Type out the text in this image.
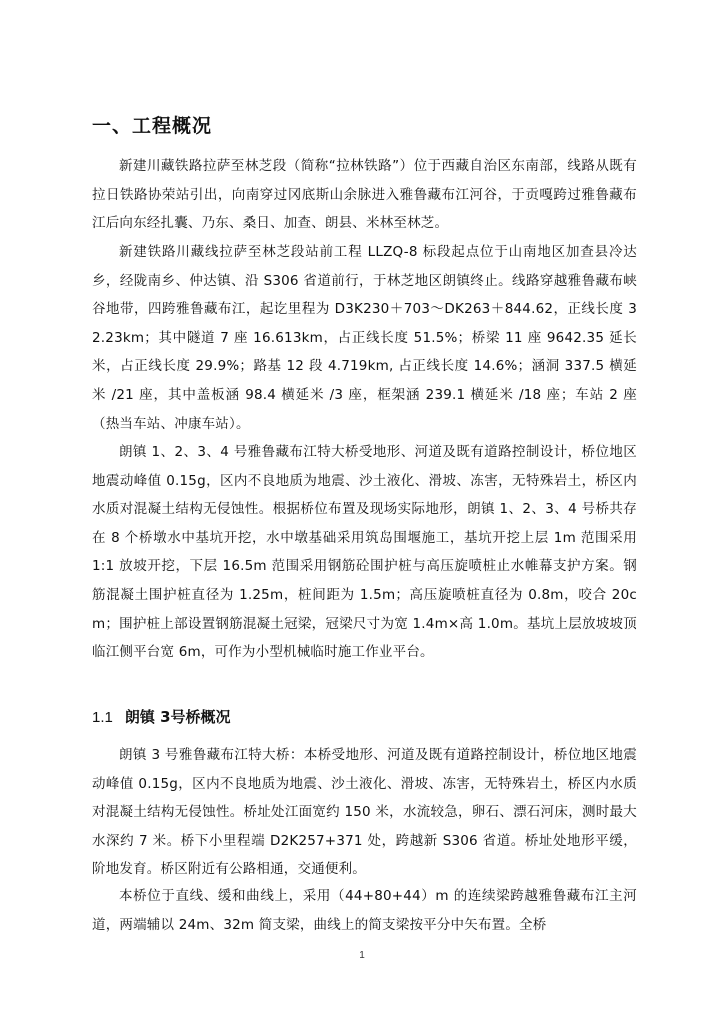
一、工程概况

新建川藏铁路拉萨至林芝段（简称“拉林铁路”）位于西藏自治区东南部，线路从既有拉日铁路协荣站引出，向南穿过冈底斯山余脉进入雅鲁藏布江河谷，于贡嘎跨过雅鲁藏布江后向东经扎囊、乃东、桑日、加查、朗县、米林至林芝。

新建铁路川藏线拉萨至林芝段站前工程 LLZQ-8 标段起点位于山南地区加查县冷达乡，经陇南乡、仲达镇、沿 S306 省道前行，于林芝地区朗镇终止。线路穿越雅鲁藏布峡谷地带，四跨雅鲁藏布江，起讫里程为 D3K230＋703～DK263＋844.62，正线长度 32.23km；其中隧道 7 座 16.613km，占正线长度 51.5%；桥梁 11 座 9642.35 延长米，占正线长度 29.9%；路基 12 段 4.719km, 占正线长度 14.6%；涵洞 337.5 横延米 /21 座，其中盖板涵 98.4 横延米 /3 座，框架涵 239.1 横延米 /18 座；车站 2 座（热当车站、冲康车站）。

朗镇 1、2、3、4 号雅鲁藏布江特大桥受地形、河道及既有道路控制设计，桥位地区地震动峰值 0.15g，区内不良地质为地震、沙土液化、滑坡、冻害，无特殊岩土，桥区内水质对混凝土结构无侵蚀性。根据桥位布置及现场实际地形，朗镇 1、2、3、4 号桥共存在 8 个桥墩水中基坑开挖，水中墩基础采用筑岛围堰施工，基坑开挖上层 1m 范围采用 1:1 放坡开挖，下层 16.5m 范围采用钢筋砼围护桩与高压旋喷桩止水帷幕支护方案。钢筋混凝土围护桩直径为 1.25m，桩间距为 1.5m；高压旋喷桩直径为 0.8m，咬合 20cm；围护桩上部设置钢筋混凝土冠梁，冠梁尺寸为宽 1.4m×高 1.0m。基坑上层放坡坡顶临江侧平台宽 6m，可作为小型机械临时施工作业平台。

1.1 朗镇 3号桥概况

朗镇 3 号雅鲁藏布江特大桥：本桥受地形、河道及既有道路控制设计，桥位地区地震动峰值 0.15g，区内不良地质为地震、沙土液化、滑坡、冻害，无特殊岩土，桥区内水质对混凝土结构无侵蚀性。桥址处江面宽约 150 米，水流较急，卵石、漂石河床，测时最大水深约 7 米。桥下小里程端 D2K257+371 处，跨越新 S306 省道。桥址处地形平缓，阶地发育。桥区附近有公路相通，交通便利。

本桥位于直线、缓和曲线上，采用（44+80+44）m 的连续梁跨越雅鲁藏布江主河道，两端辅以 24m、32m 简支梁，曲线上的简支梁按平分中矢布置。全桥

1
